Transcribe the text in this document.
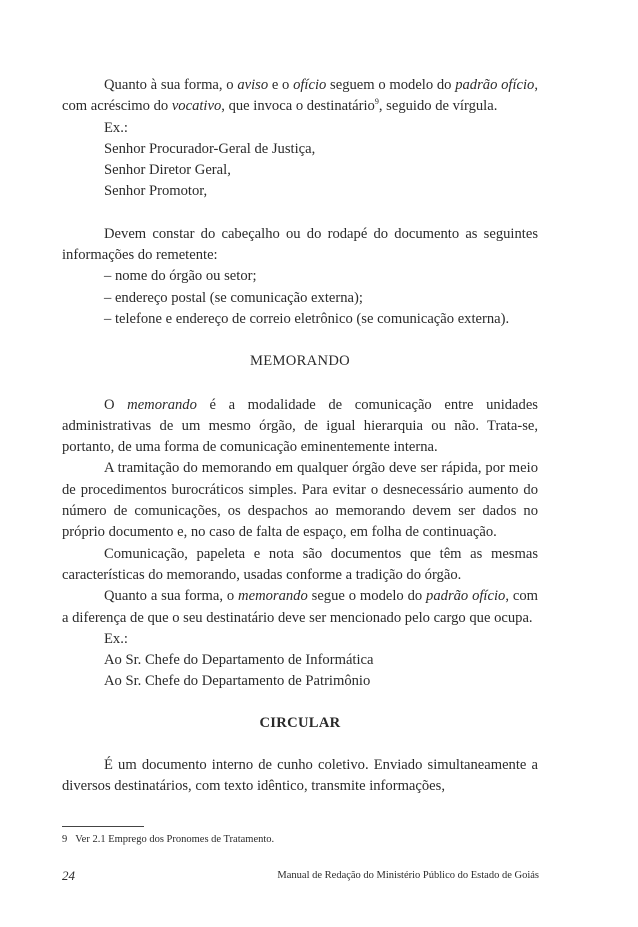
Quanto à sua forma, o aviso e o ofício seguem o modelo do padrão ofício, com acréscimo do vocativo, que invoca o destinatário$^9$, seguido de vírgula.

Ex.:

Senhor Procurador-Geral de Justiça,

Senhor Diretor Geral,

Senhor Promotor,

Devem constar do cabeçalho ou do rodapé do documento as seguintes informações do remetente:

– nome do órgão ou setor;

– endereço postal (se comunicação externa);

– telefone e endereço de correio eletrônico (se comunicação externa).

MEMORANDO

O memorando é a modalidade de comunicação entre unidades administrativas de um mesmo órgão, de igual hierarquia ou não. Trata-se, portanto, de uma forma de comunicação eminentemente interna.

A tramitação do memorando em qualquer órgão deve ser rápida, por meio de procedimentos burocráticos simples. Para evitar o desnecessário aumento do número de comunicações, os despachos ao memorando devem ser dados no próprio documento e, no caso de falta de espaço, em folha de continuação.

Comunicação, papeleta e nota são documentos que têm as mesmas características do memorando, usadas conforme a tradição do órgão.

Quanto a sua forma, o memorando segue o modelo do padrão ofício, com a diferença de que o seu destinatário deve ser mencionado pelo cargo que ocupa.

Ex.:

Ao Sr. Chefe do Departamento de Informática

Ao Sr. Chefe do Departamento de Patrimônio

CIRCULAR

É um documento interno de cunho coletivo. Enviado simultaneamente a diversos destinatários, com texto idêntico, transmite informações,

9 Ver 2.1 Emprego dos Pronomes de Tratamento.
24	Manual de Redação do Ministério Público do Estado de Goiás
